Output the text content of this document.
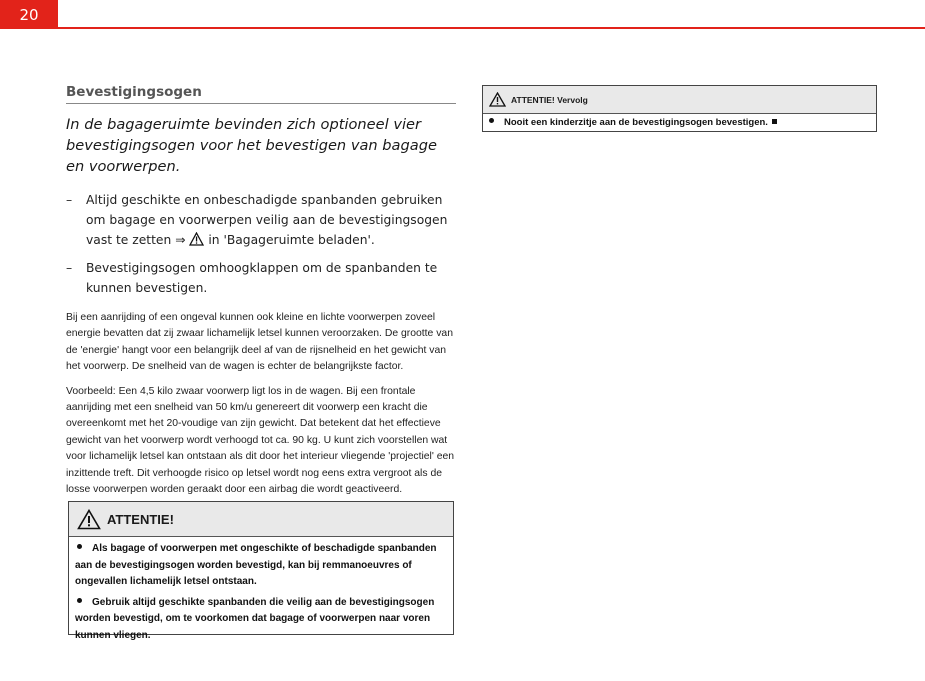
20
Bevestigingsogen

In de bagageruimte bevinden zich optioneel vier bevestigingsogen voor het bevestigen van bagage en voorwerpen.

– Altijd geschikte en onbeschadigde spanbanden gebruiken om bagage en voorwerpen veilig aan de bevestigingsogen vast te zetten ⇒  in 'Bagageruimte beladen'.
– Bevestigingsogen omhoogklappen om de spanbanden te kunnen bevestigen.

Bij een aanrijding of een ongeval kunnen ook kleine en lichte voorwerpen zoveel energie bevatten dat zij zwaar lichamelijk letsel kunnen veroorzaken. De grootte van de 'energie' hangt voor een belangrijk deel af van de rijsnelheid en het gewicht van het voorwerp. De snelheid van de wagen is echter de belangrijkste factor.

Voorbeeld: Een 4,5 kilo zwaar voorwerp ligt los in de wagen. Bij een frontale aanrijding met een snelheid van 50 km/u genereert dit voorwerp een kracht die overeenkomt met het 20-voudige van zijn gewicht. Dat betekent dat het effectieve gewicht van het voorwerp wordt verhoogd tot ca. 90 kg. U kunt zich voorstellen wat voor lichamelijk letsel kan ontstaan als dit door het interieur vliegende 'projectiel' een inzittende treft. Dit verhoogde risico op letsel wordt nog eens extra vergroot als de losse voorwerpen worden geraakt door een airbag die wordt geactiveerd.

ATTENTIE!

Als bagage of voorwerpen met ongeschikte of beschadigde spanbanden aan de bevestigingsogen worden bevestigd, kan bij remmanoeuvres of ongevallen lichamelijk letsel ontstaan.

Gebruik altijd geschikte spanbanden die veilig aan de bevestigingsogen worden bevestigd, om te voorkomen dat bagage of voorwerpen naar voren kunnen vliegen.

ATTENTIE! Vervolg

Nooit een kinderzitje aan de bevestigingsogen bevestigen.
